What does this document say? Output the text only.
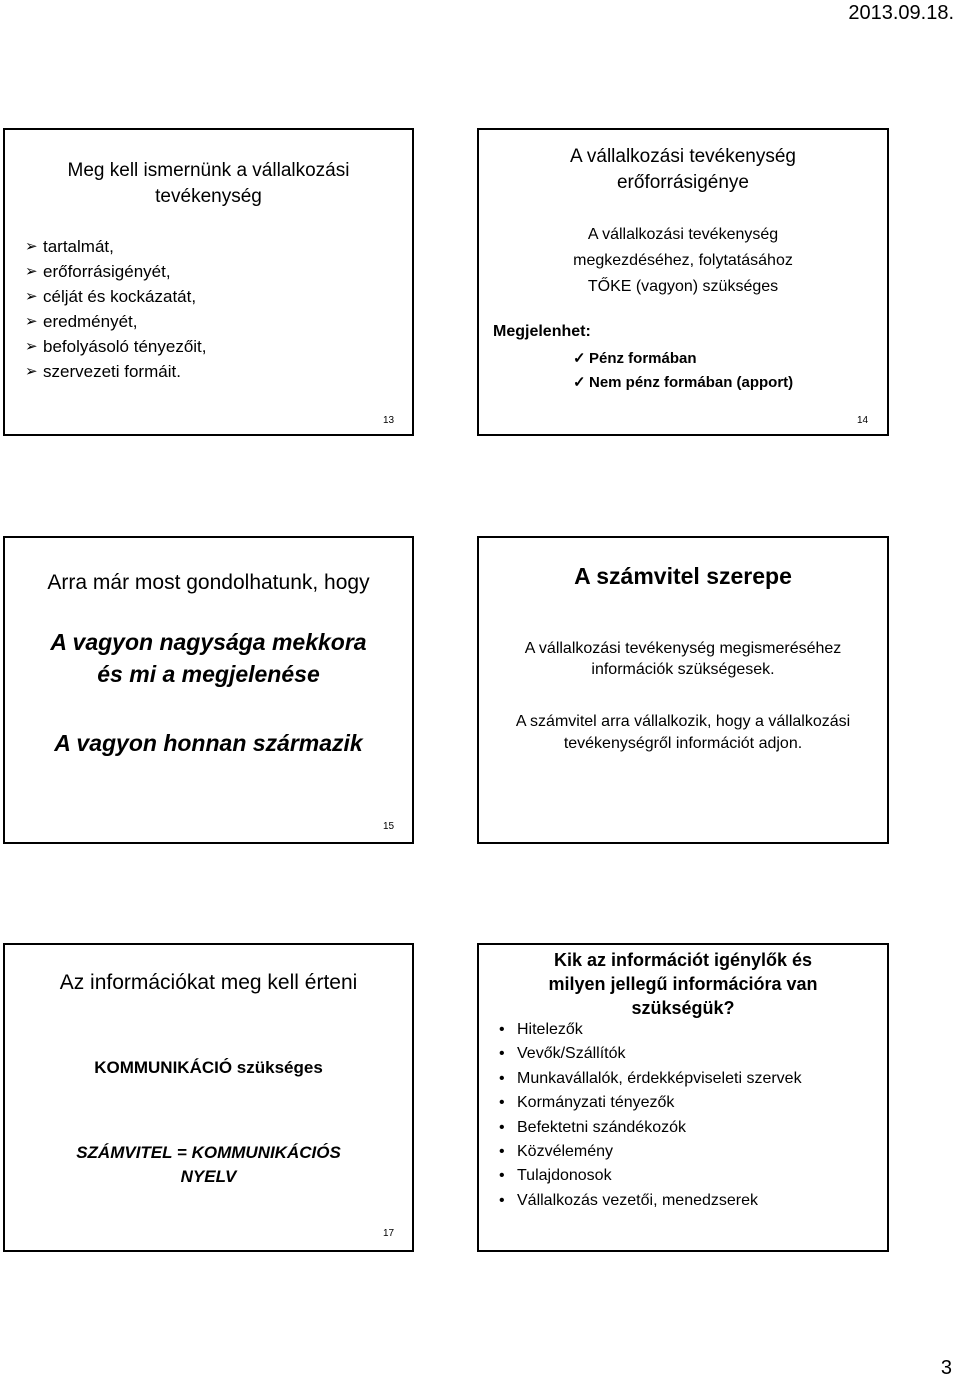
2013.09.18.
Meg kell ismernünk a vállalkozási
tevékenység
➢ tartalmát,
➢ erőforrásigényét,
➢ célját és kockázatát,
➢ eredményét,
➢ befolyásoló tényezőit,
➢ szervezeti formáit.
13
A vállalkozási tevékenység
erőforrásigénye
A vállalkozási tevékenység
megkezdéséhez, folytatásához
TŐKE (vagyon) szükséges
Megjelenhet:
✓ Pénz formában
✓ Nem pénz formában (apport)
14
Arra már most gondolhatunk, hogy
A vagyon nagysága mekkora
és mi a megjelenése
A vagyon honnan származik
15
A számvitel szerepe
A vállalkozási tevékenység megismeréséhez
információk szükségesek.
A számvitel arra vállalkozik, hogy a vállalkozási
tevékenységről információt adjon.
Az információkat meg kell érteni
KOMMUNIKÁCIÓ szükséges
SZÁMVITEL = KOMMUNIKÁCIÓS
NYELV
17
Kik az információt igénylők és
milyen jellegű információra van
szükségük?
• Hitelezők
• Vevők/Szállítók
• Munkavállalók, érdekképviseleti szervek
• Kormányzati tényezők
• Befektetni szándékozók
• Közvélemény
• Tulajdonosok
• Vállalkozás vezetői, menedzserek
3
